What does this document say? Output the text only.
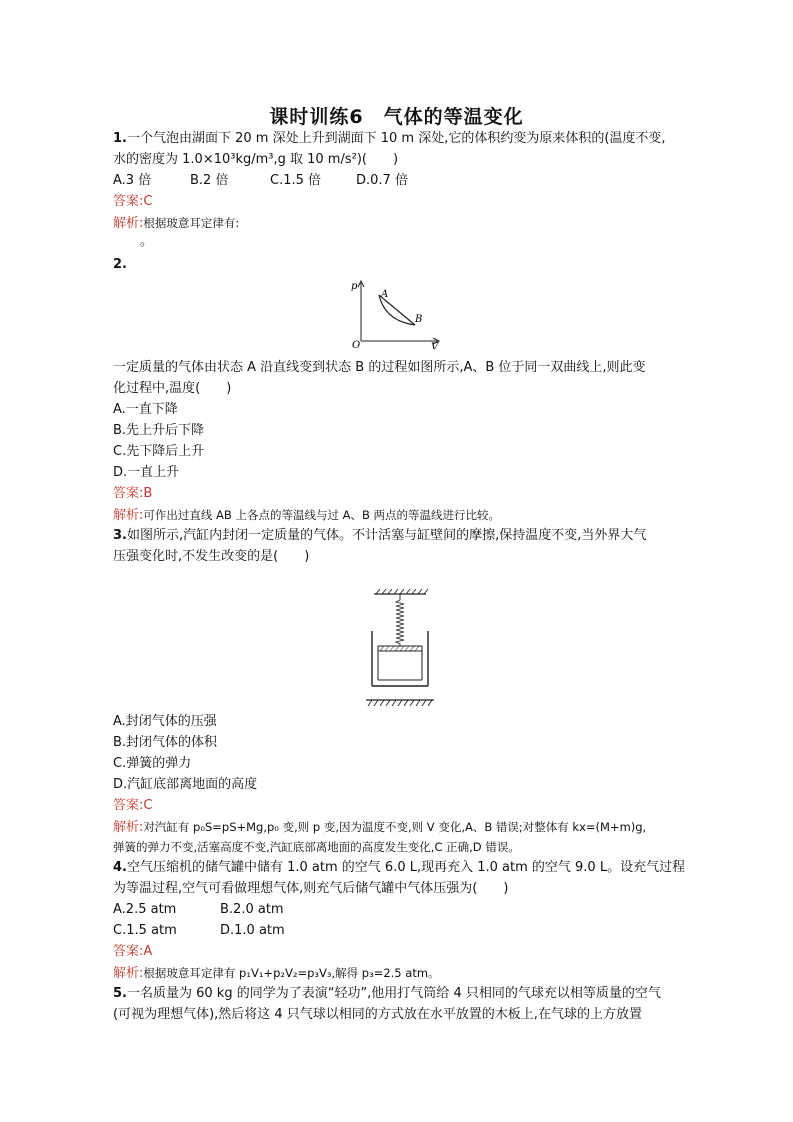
课时训练6　气体的等温变化
1.一个气泡由湖面下 20 m 深处上升到湖面下 10 m 深处,它的体积约变为原来体积的(温度不变,
水的密度为 1.0×10³kg/m³,g 取 10 m/s²)(　　)
A.3 倍	B.2 倍	C.1.5 倍	D.0.7 倍
答案:C
解析:根据玻意耳定律有:
。
2.
p
V
O
A
B
一定质量的气体由状态 A 沿直线变到状态 B 的过程如图所示,A、B 位于同一双曲线上,则此变
化过程中,温度(　　)
A.一直下降
B.先上升后下降
C.先下降后上升
D.一直上升
答案:B
解析:可作出过直线 AB 上各点的等温线与过 A、B 两点的等温线进行比较。
3.如图所示,汽缸内封闭一定质量的气体。不计活塞与缸壁间的摩擦,保持温度不变,当外界大气
压强变化时,不发生改变的是(　　)
A.封闭气体的压强
B.封闭气体的体积
C.弹簧的弹力
D.汽缸底部离地面的高度
答案:C
解析:对汽缸有 p₀S=pS+Mg,p₀ 变,则 p 变,因为温度不变,则 V 变化,A、B 错误;对整体有 kx=(M+m)g,
弹簧的弹力不变,活塞高度不变,汽缸底部离地面的高度发生变化,C 正确,D 错误。
4.空气压缩机的储气罐中储有 1.0 atm 的空气 6.0 L,现再充入 1.0 atm 的空气 9.0 L。设充气过程
为等温过程,空气可看做理想气体,则充气后储气罐中气体压强为(　　)
A.2.5 atm	B.2.0 atm
C.1.5 atm	D.1.0 atm
答案:A
解析:根据玻意耳定律有 p₁V₁+p₂V₂=p₃V₃,解得 p₃=2.5 atm。
5.一名质量为 60 kg 的同学为了表演“轻功”,他用打气筒给 4 只相同的气球充以相等质量的空气
(可视为理想气体),然后将这 4 只气球以相同的方式放在水平放置的木板上,在气球的上方放置
